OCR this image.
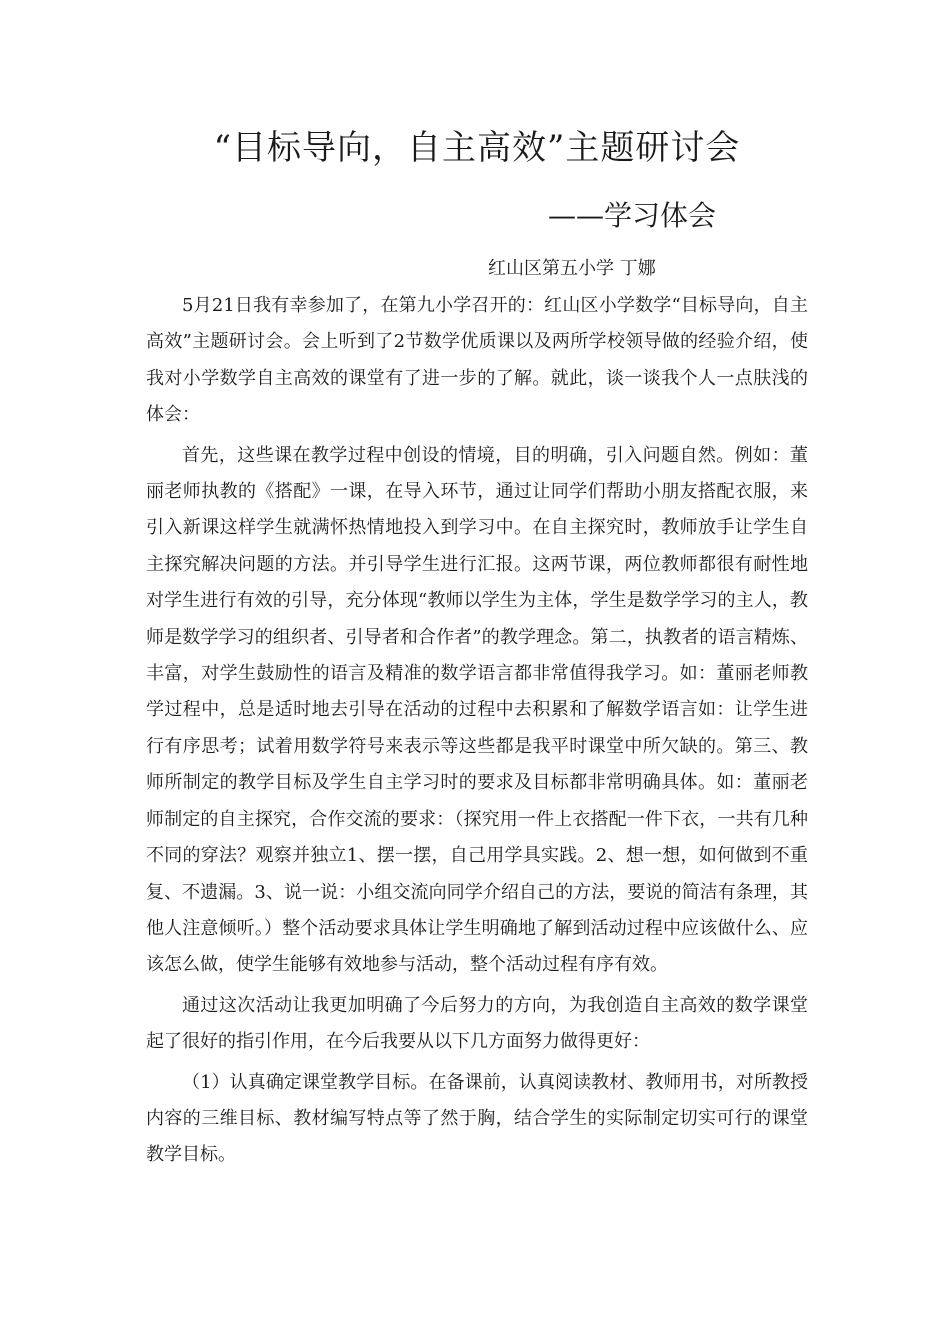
“目标导向，自主高效”主题研讨会
——学习体会
红山区第五小学 丁娜

5月21日我有幸参加了，在第九小学召开的：红山区小学数学“目标导向，自主高效”主题研讨会。会上听到了2节数学优质课以及两所学校领导做的经验介绍，使我对小学数学自主高效的课堂有了进一步的了解。就此，谈一谈我个人一点肤浅的体会：

首先，这些课在教学过程中创设的情境，目的明确，引入问题自然。例如：董丽老师执教的《搭配》一课，在导入环节，通过让同学们帮助小朋友搭配衣服，来引入新课这样学生就满怀热情地投入到学习中。在自主探究时，教师放手让学生自主探究解决问题的方法。并引导学生进行汇报。这两节课，两位教师都很有耐性地对学生进行有效的引导，充分体现“教师以学生为主体，学生是数学学习的主人，教师是数学学习的组织者、引导者和合作者”的教学理念。第二，执教者的语言精炼、丰富，对学生鼓励性的语言及精准的数学语言都非常值得我学习。如：董丽老师教学过程中，总是适时地去引导在活动的过程中去积累和了解数学语言如：让学生进行有序思考；试着用数学符号来表示等这些都是我平时课堂中所欠缺的。第三、教师所制定的教学目标及学生自主学习时的要求及目标都非常明确具体。如：董丽老师制定的自主探究，合作交流的要求：（探究用一件上衣搭配一件下衣，一共有几种不同的穿法？观察并独立1、摆一摆，自己用学具实践。2、想一想，如何做到不重复、不遗漏。3、说一说：小组交流向同学介绍自己的方法，要说的简洁有条理，其他人注意倾听。）整个活动要求具体让学生明确地了解到活动过程中应该做什么、应该怎么做，使学生能够有效地参与活动，整个活动过程有序有效。

通过这次活动让我更加明确了今后努力的方向，为我创造自主高效的数学课堂起了很好的指引作用，在今后我要从以下几方面努力做得更好：

（1）认真确定课堂教学目标。在备课前，认真阅读教材、教师用书，对所教授内容的三维目标、教材编写特点等了然于胸，结合学生的实际制定切实可行的课堂教学目标。
